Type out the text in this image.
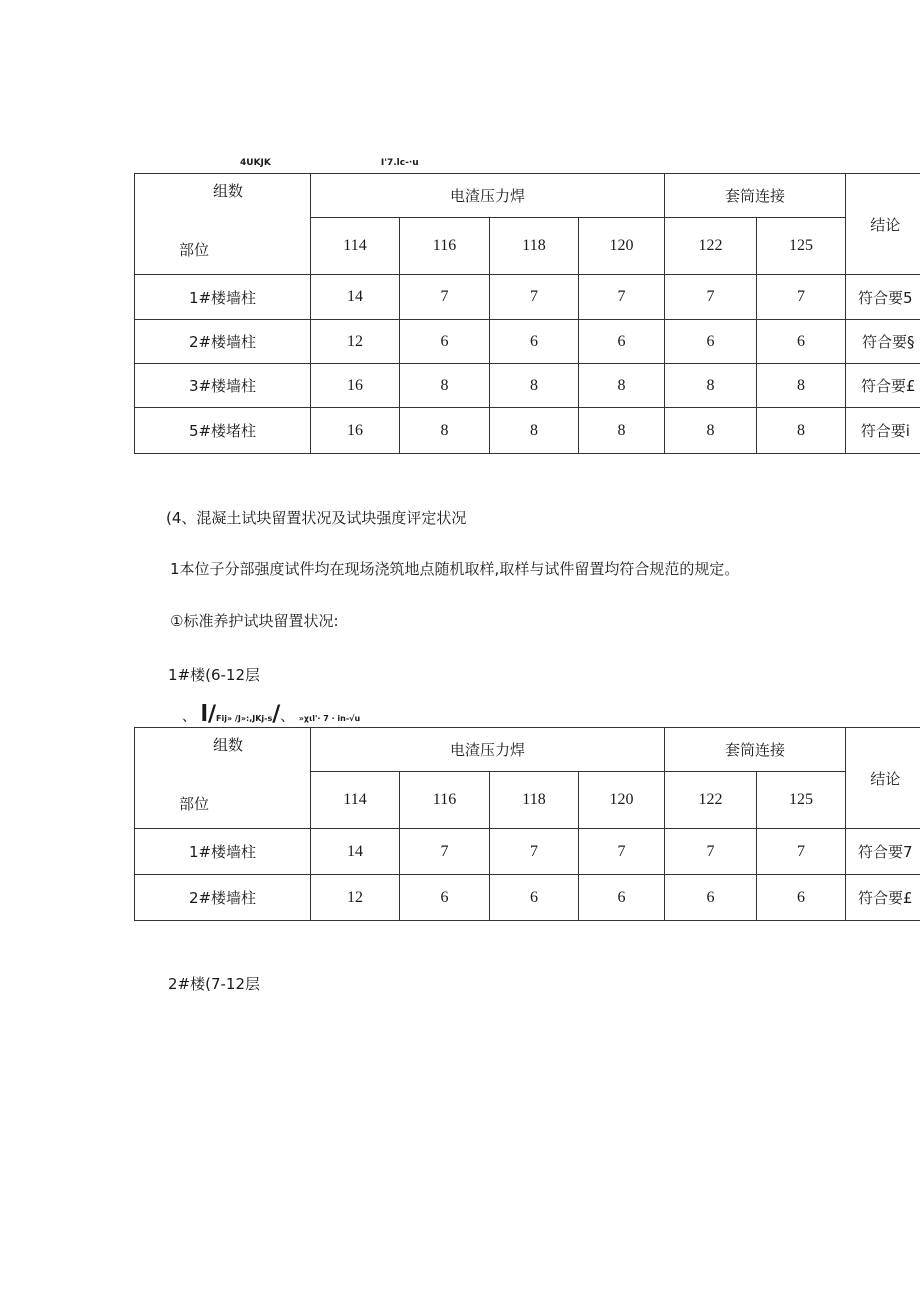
4UKJK	I'7.lc-·u
组数
部位	电渣压力焊				套筒连接		结论
	114	116	118	120	122	125	
1#楼墙柱	14	7	7	7	7	7	符合要5
2#楼墙柱	12	6	6	6	6	6	符合要§
3#楼墙柱	16	8	8	8	8	8	符合要£
5#楼堵柱	16	8	8	8	8	8	符合要i
(4、混凝土试块留置状况及试块强度评定状况
1本位子分部强度试件均在现场浇筑地点随机取样,取样与试件留置均符合规范的规定。
①标准养护试块留置状况:
1#楼(6-12层
、 l/Fij» /J»:,JKj-s/、 »χιl'· 7 · in-√u
组数
部位	电渣压力焊				套筒连接		结论
	114	116	118	120	122	125	
1#楼墙柱	14	7	7	7	7	7	符合要7
2#楼墙柱	12	6	6	6	6	6	符合要£
2#楼(7-12层
